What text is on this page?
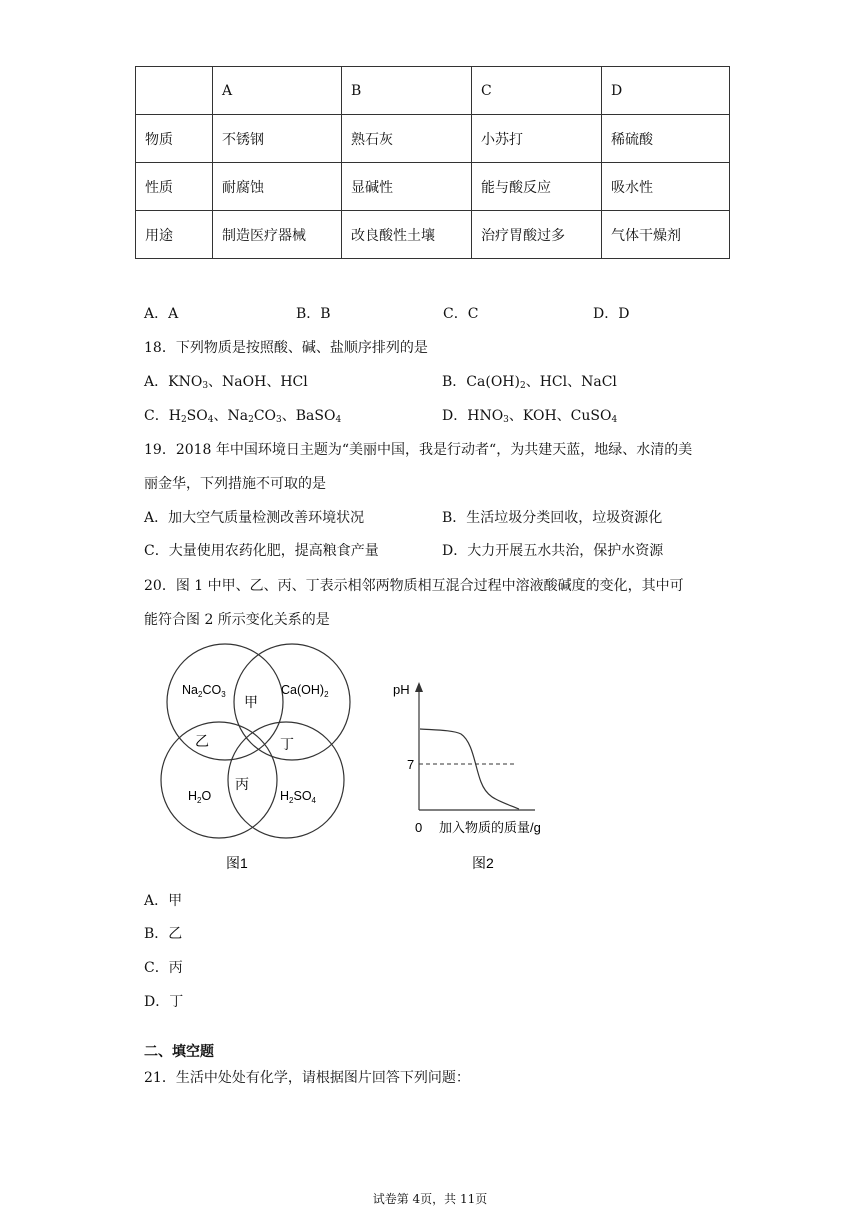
	A	B	C	D
物质	不锈钢	熟石灰	小苏打	稀硫酸
性质	耐腐蚀	显碱性	能与酸反应	吸水性
用途	制造医疗器械	改良酸性土壤	治疗胃酸过多	气体干燥剂
A．A	B．B	C．C	D．D
18．下列物质是按照酸、碱、盐顺序排列的是
A．$KNO_3$、NaOH、HCl	B．$Ca(OH)_2$、HCl、NaCl
C．$H_2SO_4$、$Na_2CO_3$、BaSO$_4$	D．$HNO_3$、KOH、CuSO$_4$
19．2018 年中国环境日主题为“美丽中国，我是行动者“，为共建天蓝，地绿、水清的美
丽金华，下列措施不可取的是
A．加大空气质量检测改善环境状况	B．生活垃圾分类回收，垃圾资源化
C．大量使用农药化肥，提高粮食产量	D．大力开展五水共治，保护水资源
20．图 1 中甲、乙、丙、丁表示相邻两物质相互混合过程中溶液酸碱度的变化，其中可
能符合图 2 所示变化关系的是
$Na_2CO_3$	$Ca(OH)_2$
$H_2O$	$H_2SO_4$
甲
乙
丙
丁
图1
pH
7
0 加入物质的质量/g
图2
A．甲
B．乙
C．丙
D．丁
二、填空题
21．生活中处处有化学，请根据图片回答下列问题：
试卷第 4页，共 11页
